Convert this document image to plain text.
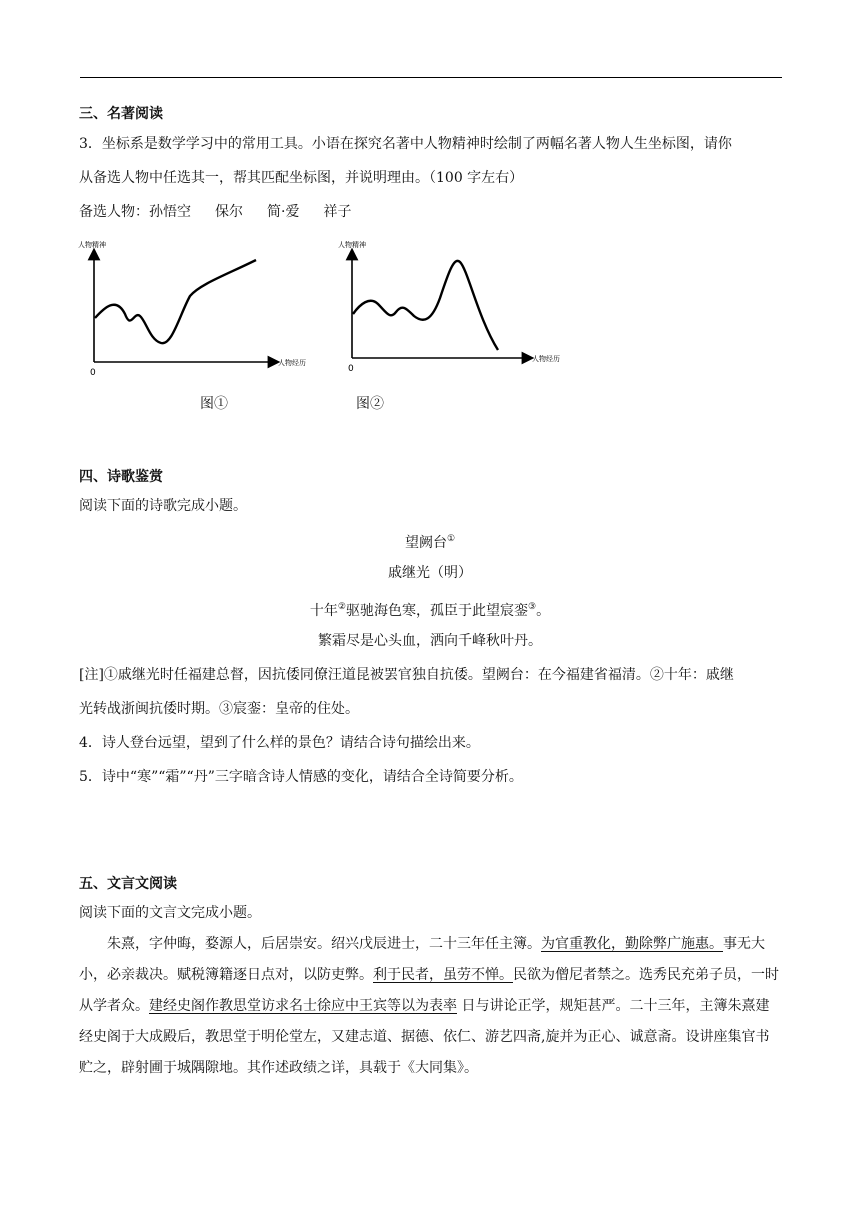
三、名著阅读
3．坐标系是数学学习中的常用工具。小语在探究名著中人物精神时绘制了两幅名著人物人生坐标图，请你
从备选人物中任选其一，帮其匹配坐标图，并说明理由。（100 字左右）
备选人物：孙悟空 保尔 简·爱 祥子
人物精神
人物经历
0
图①
人物精神
人物经历
0
图②
四、诗歌鉴赏
阅读下面的诗歌完成小题。
望阙台①
戚继光（明）
十年②驱驰海色寒，孤臣于此望宸銮③。
繁霜尽是心头血，洒向千峰秋叶丹。
[注]①戚继光时任福建总督，因抗倭同僚汪道昆被罢官独自抗倭。望阙台：在今福建省福清。②十年：戚继
光转战浙闽抗倭时期。③宸銮：皇帝的住处。
4．诗人登台远望，望到了什么样的景色？请结合诗句描绘出来。
5．诗中“寒”“霜”“丹”三字暗含诗人情感的变化，请结合全诗简要分析。
五、文言文阅读
阅读下面的文言文完成小题。
朱熹，字仲晦，婺源人，后居崇安。绍兴戊辰进士，二十三年任主簿。为官重教化，勤除弊广施惠。事无大小，必亲裁决。赋税簿籍逐日点对，以防吏弊。利于民者，虽劳不惮。民欲为僧尼者禁之。选秀民充弟子员，一时从学者众。建经史阁作教思堂访求名士徐应中王宾等以为表率 日与讲论正学，规矩甚严。二十三年，主簿朱熹建经史阁于大成殿后，教思堂于明伦堂左，又建志道、据德、依仁、游艺四斋,旋并为正心、诚意斋。设讲座集官书贮之，辟射圃于城隅隙地。其作述政绩之详，具载于《大同集》。
